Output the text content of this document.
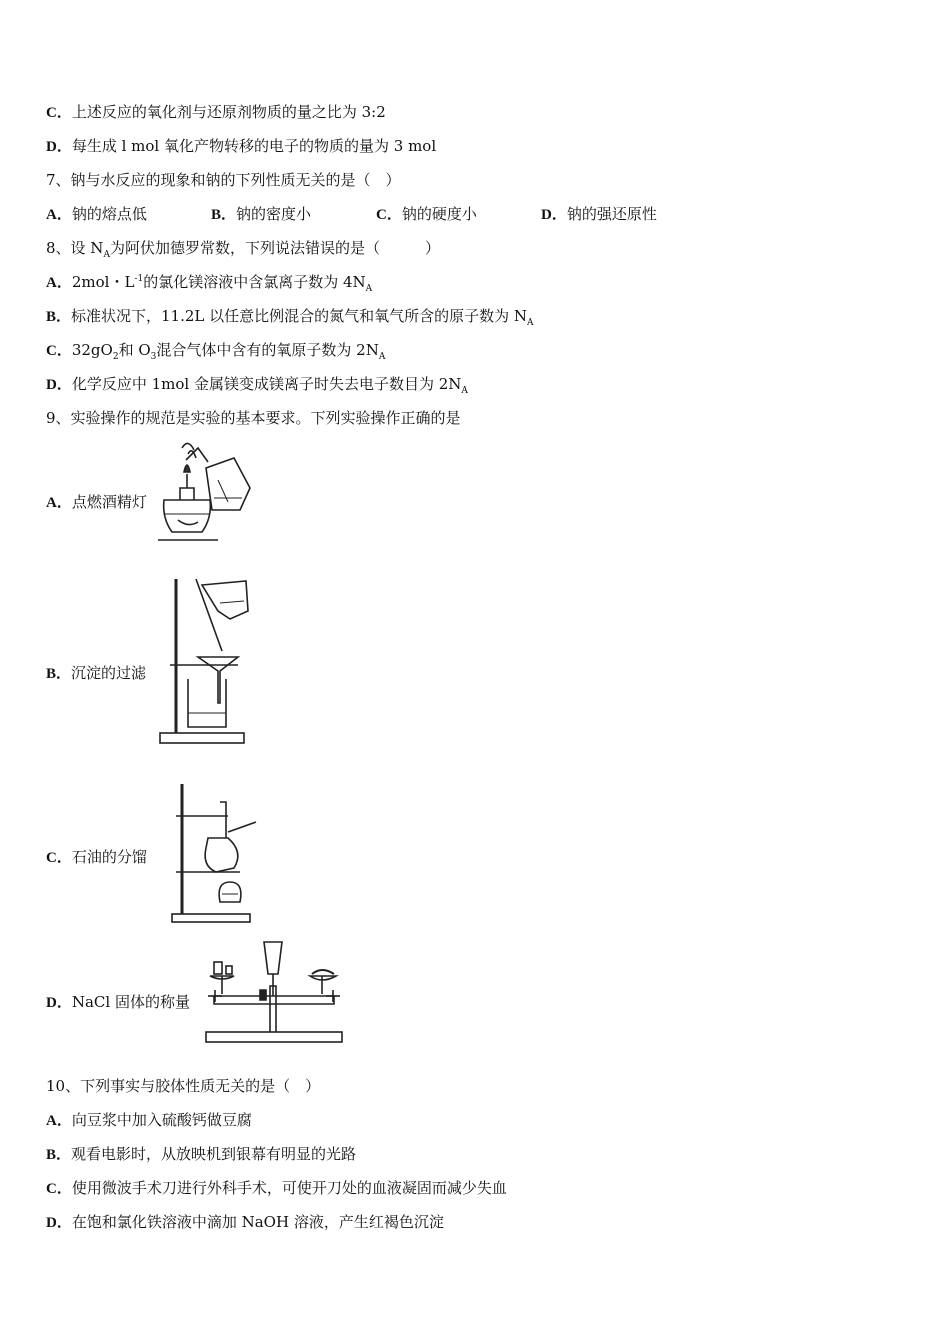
C．上述反应的氧化剂与还原剂物质的量之比为 3:2
D．每生成 l mol 氧化产物转移的电子的物质的量为 3 mol
7、钠与水反应的现象和钠的下列性质无关的是（　）
A．钠的熔点低	B．钠的密度小	C．钠的硬度小	D．钠的强还原性
8、设 $N_A$为阿伏加德罗常数，下列说法错误的是（　　　）
A．2mol・$L^{-1}$的氯化镁溶液中含氯离子数为 $4N_A$
B．标准状况下，11.2L 以任意比例混合的氮气和氧气所含的原子数为 $N_A$
C．$32gO_2$和 $O_3$混合气体中含有的氧原子数为 $2N_A$
D．化学反应中 1mol 金属镁变成镁离子时失去电子数目为 $2N_A$
9、实验操作的规范是实验的基本要求。下列实验操作正确的是
A．点燃酒精灯
B．沉淀的过滤
C．石油的分馏
D．NaCl 固体的称量
10、下列事实与胶体性质无关的是（　）
A．向豆浆中加入硫酸钙做豆腐
B．观看电影时，从放映机到银幕有明显的光路
C．使用微波手术刀进行外科手术，可使开刀处的血液凝固而减少失血
D．在饱和氯化铁溶液中滴加 NaOH 溶液，产生红褐色沉淀
